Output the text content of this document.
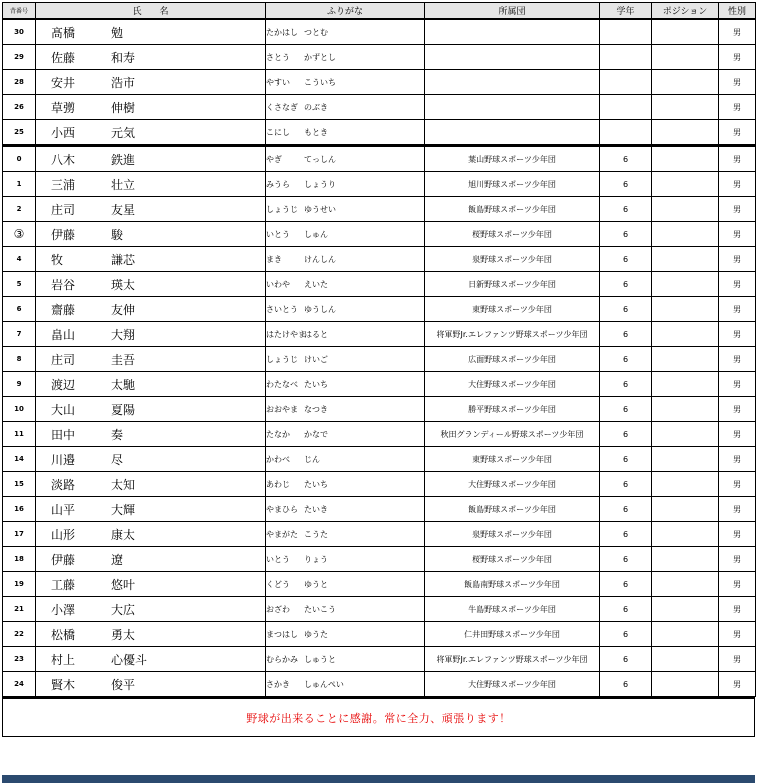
背番号	氏　　名	ふりがな	所属団	学年	ポジション	性別
30	髙橋 勉	たかはし つとむ				男
29	佐藤 和寿	さとう かずとし				男
28	安井 浩市	やすい こういち				男
26	草彅 伸樹	くさなぎ のぶき				男
25	小西 元気	こにし もとき				男
0	八木 鉄進	やぎ てっしん	葉山野球スポーツ少年団	6		男
1	三浦 壮立	みうら しょうり	旭川野球スポーツ少年団	6		男
2	庄司 友星	しょうじ ゆうせい	飯島野球スポーツ少年団	6		男
③	伊藤 駿	いとう しゅん	桜野球スポーツ少年団	6		男
4	牧 謙芯	まき けんしん	泉野球スポーツ少年団	6		男
5	岩谷 瑛太	いわや えいた	日新野球スポーツ少年団	6		男
6	齋藤 友伸	さいとう ゆうしん	東野球スポーツ少年団	6		男
7	畠山 大翔	はたけやまはると	将軍野Jr.エレファンツ野球スポーツ少年団	6		男
8	庄司 圭吾	しょうじ けいご	広面野球スポーツ少年団	6		男
9	渡辺 太馳	わたなべ たいち	大住野球スポーツ少年団	6		男
10	大山 夏陽	おおやま なつき	勝平野球スポーツ少年団	6		男
11	田中 奏	たなか かなで	秋田グランディール野球スポーツ少年団	6		男
14	川邉 尽	かわべ じん	東野球スポーツ少年団	6		男
15	淡路 太知	あわじ たいち	大住野球スポーツ少年団	6		男
16	山平 大輝	やまひら たいき	飯島野球スポーツ少年団	6		男
17	山形 康太	やまがた こうた	泉野球スポーツ少年団	6		男
18	伊藤 遼	いとう りょう	桜野球スポーツ少年団	6		男
19	工藤 悠叶	くどう ゆうと	飯島南野球スポーツ少年団	6		男
21	小澤 大広	おざわ たいこう	牛島野球スポーツ少年団	6		男
22	松橋 勇太	まつはし ゆうた	仁井田野球スポーツ少年団	6		男
23	村上 心優斗	むらかみ しゅうと	将軍野Jr.エレファンツ野球スポーツ少年団	6		男
24	賢木 俊平	さかき しゅんぺい	大住野球スポーツ少年団	6		男
野球が出来ることに感謝。常に全力、頑張ります！
